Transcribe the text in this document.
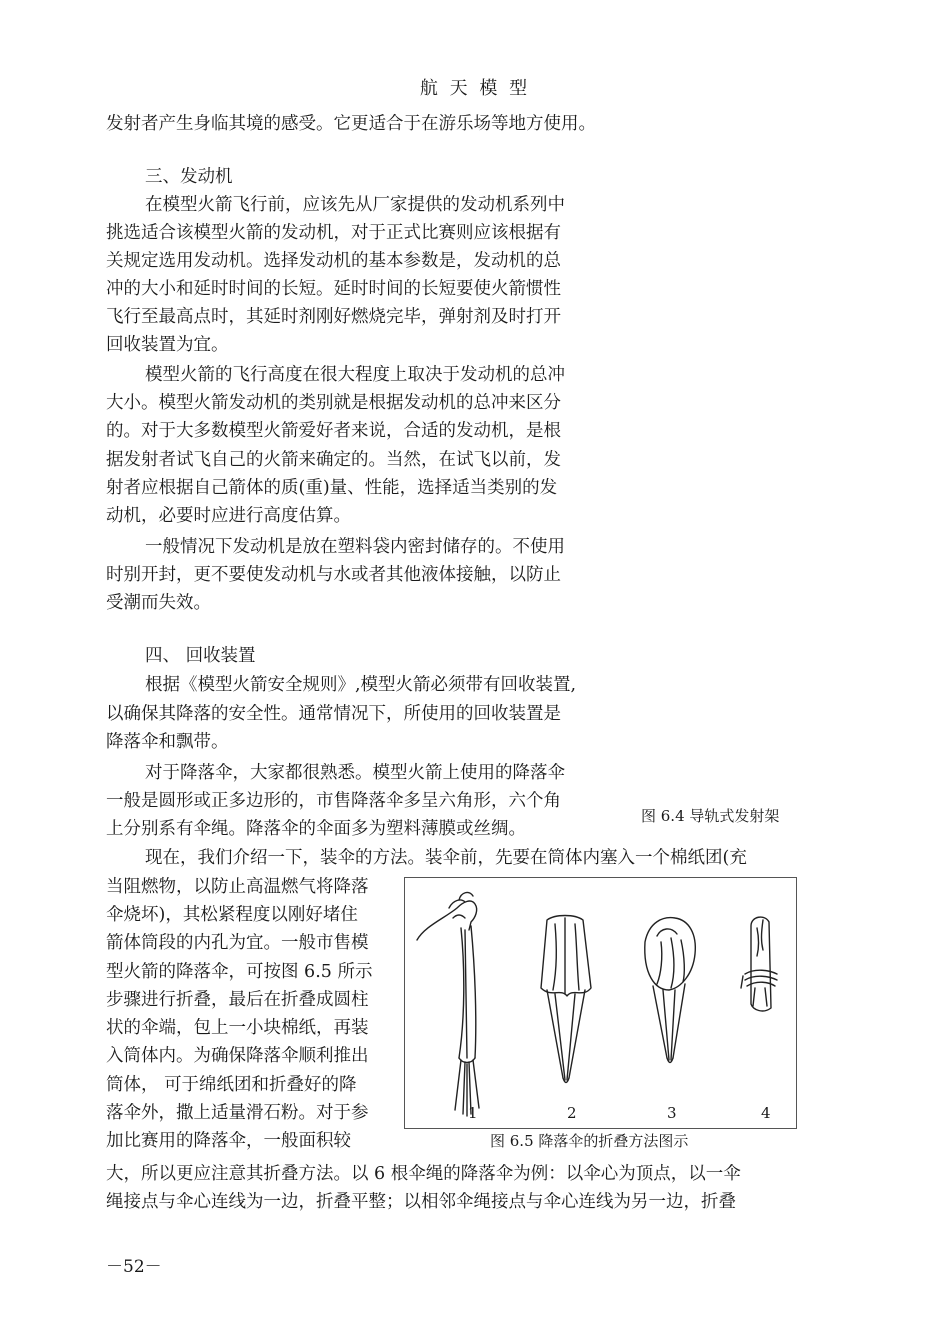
航 天 模 型
发射者产生身临其境的感受。它更适合于在游乐场等地方使用。
三、发动机
在模型火箭飞行前，应该先从厂家提供的发动机系列中
挑选适合该模型火箭的发动机，对于正式比赛则应该根据有
关规定选用发动机。选择发动机的基本参数是，发动机的总
冲的大小和延时时间的长短。延时时间的长短要使火箭惯性
飞行至最高点时，其延时剂刚好燃烧完毕，弹射剂及时打开
回收装置为宜。
模型火箭的飞行高度在很大程度上取决于发动机的总冲
大小。模型火箭发动机的类别就是根据发动机的总冲来区分
的。对于大多数模型火箭爱好者来说，合适的发动机，是根
据发射者试飞自己的火箭来确定的。当然，在试飞以前，发
射者应根据自己箭体的质(重)量、性能，选择适当类别的发
动机，必要时应进行高度估算。
一般情况下发动机是放在塑料袋内密封储存的。不使用
时别开封，更不要使发动机与水或者其他液体接触，以防止
受潮而失效。
四、 回收装置
根据《模型火箭安全规则》,模型火箭必须带有回收装置,
以确保其降落的安全性。通常情况下，所使用的回收装置是
降落伞和飘带。
对于降落伞，大家都很熟悉。模型火箭上使用的降落伞
一般是圆形或正多边形的，市售降落伞多呈六角形，六个角
上分别系有伞绳。降落伞的伞面多为塑料薄膜或丝绸。
图 6.4 导轨式发射架
现在，我们介绍一下，装伞的方法。装伞前，先要在筒体内塞入一个棉纸团(充
当阻燃物，以防止高温燃气将降落
伞烧坏)，其松紧程度以刚好堵住
箭体筒段的内孔为宜。一般市售模
型火箭的降落伞，可按图 6.5 所示
步骤进行折叠，最后在折叠成圆柱
状的伞端，包上一小块棉纸，再装
入筒体内。为确保降落伞顺利推出
筒体， 可于绵纸团和折叠好的降
落伞外，撒上适量滑石粉。对于参
加比赛用的降落伞，一般面积较
1	2	3	4
图 6.5 降落伞的折叠方法图示
大，所以更应注意其折叠方法。以 6 根伞绳的降落伞为例：以伞心为顶点，以一伞
绳接点与伞心连线为一边，折叠平整；以相邻伞绳接点与伞心连线为另一边，折叠
－52－
